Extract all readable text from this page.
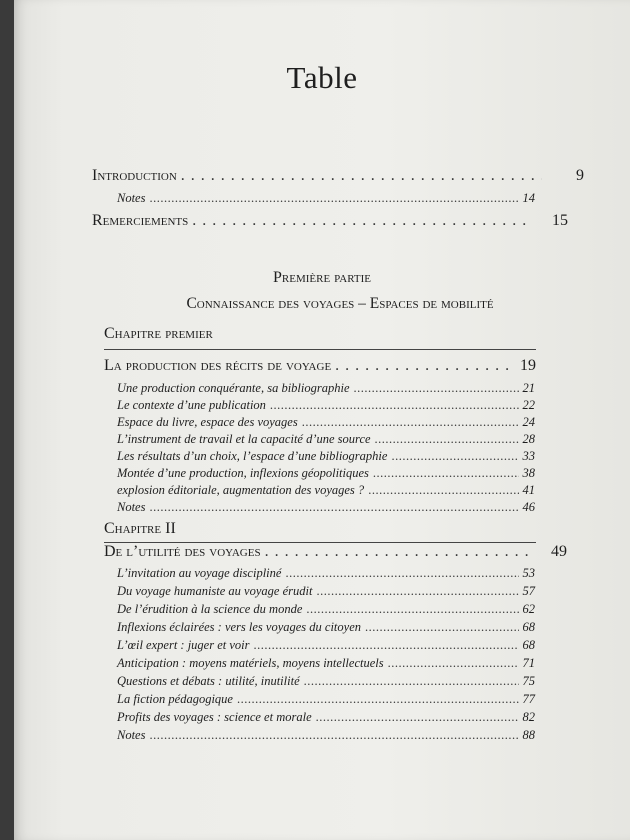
Table
Introduction . . .	9
Notes .....	14
Remerciements . . .	15
Première partie
Connaissance des voyages – Espaces de mobilité
Chapitre premier
La production des récits de voyage . . .	19
Une production conquérante, sa bibliographie .....	21
Le contexte d’une publication .....	22
Espace du livre, espace des voyages .....	24
L’instrument de travail et la capacité d’une source .....	28
Les résultats d’un choix, l’espace d’une bibliographie .....	33
Montée d’une production, inflexions géopolitiques .....	38
explosion éditoriale, augmentation des voyages ? .....	41
Notes .....	46
Chapitre II
De l’utilité des voyages . . .	49
L’invitation au voyage discipliné .....	53
Du voyage humaniste au voyage érudit .....	57
De l’érudition à la science du monde .....	62
Inflexions éclairées : vers les voyages du citoyen .....	68
L’œil expert : juger et voir .....	68
Anticipation : moyens matériels, moyens intellectuels .....	71
Questions et débats : utilité, inutilité .....	75
La fiction pédagogique .....	77
Profits des voyages : science et morale .....	82
Notes .....	88
